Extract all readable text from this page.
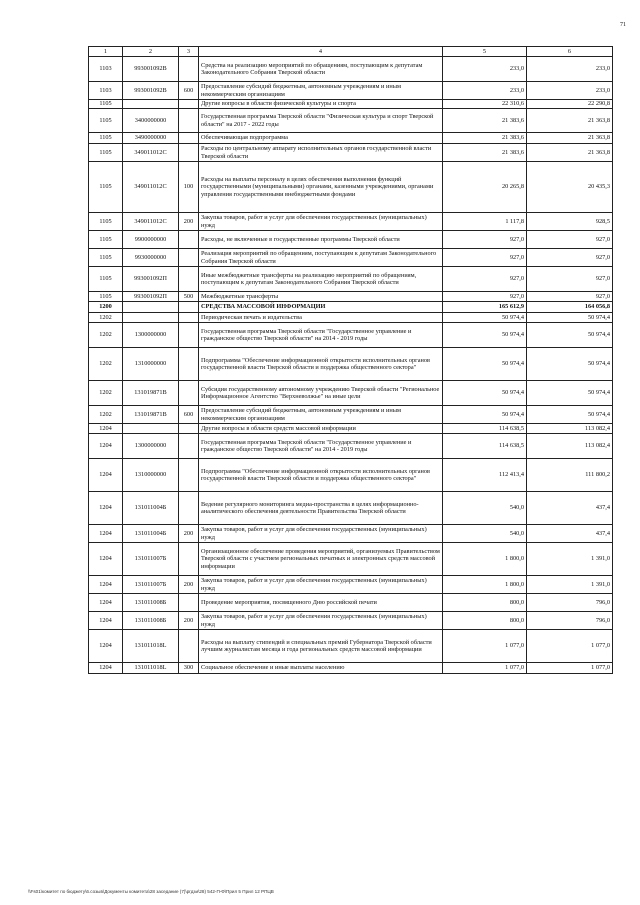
71
1	2	3	4	5	6
1103	993001092В		Средства на реализацию мероприятий по обращениям, поступающим к депутатам Законодательного Собрания Тверской области	233,0	233,0
1103	993001092В	600	Предоставление субсидий бюджетным, автономным учреждениям и иным некоммерческим организациям	233,0	233,0
1105			Другие вопросы в области физической культуры и спорта	22 310,6	22 290,8
1105	3400000000		Государственная программа Тверской области "Физическая культура и спорт Тверской области" на 2017 - 2022 годы	21 383,6	21 363,8
1105	3490000000		Обеспечивающая подпрограмма	21 383,6	21 363,8
1105	349011012С		Расходы по центральному аппарату исполнительных органов государственной власти Тверской области	21 383,6	21 363,8
1105	349011012С	100	Расходы на выплаты персоналу в целях обеспечения выполнения функций государственными (муниципальными) органами, казенными учреждениями, органами управления государственными внебюджетными фондами	20 265,8	20 435,3
1105	349011012С	200	Закупка товаров, работ и услуг для обеспечения государственных (муниципальных) нужд	1 117,8	928,5
1105	9900000000		Расходы, не включенные в государственные программы Тверской области	927,0	927,0
1105	9930000000		Реализация мероприятий по обращениям, поступающим к депутатам Законодательного Собрания Тверской области	927,0	927,0
1105	993001092П		Иные межбюджетные трансферты на реализацию мероприятий по обращениям, поступающим к депутатам Законодательного Собрания Тверской области	927,0	927,0
1105	993001092П	500	Межбюджетные трансферты	927,0	927,0
1200			СРЕДСТВА МАССОВОЙ ИНФОРМАЦИИ	165 612,9	164 056,8
1202			Периодическая печать и издательства	50 974,4	50 974,4
1202	1300000000		Государственная программа Тверской области "Государственное управление и гражданское общество Тверской области" на 2014 - 2019 годы	50 974,4	50 974,4
1202	1310000000		Подпрограмма "Обеспечение информационной открытости исполнительных органов государственной власти Тверской области и поддержка общественного сектора"	50 974,4	50 974,4
1202	131019871В		Субсидия государственному автономному учреждению Тверской области "Региональное Информационное Агентство "Верхневолжье" на иные цели	50 974,4	50 974,4
1202	131019871В	600	Предоставление субсидий бюджетным, автономным учреждениям и иным некоммерческим организациям	50 974,4	50 974,4
1204			Другие вопросы в области средств массовой информации	114 638,5	113 082,4
1204	1300000000		Государственная программа Тверской области "Государственное управление и гражданское общество Тверской области" на 2014 - 2019 годы	114 638,5	113 082,4
1204	1310000000		Подпрограмма "Обеспечение информационной открытости исполнительных органов государственной власти Тверской области и поддержка общественного сектора"	112 413,4	111 800,2
1204	131011004Б		Ведение регулярного мониторинга медиа-пространства в целях информационно-аналитического обеспечения деятельности Правительства Тверской области	540,0	437,4
1204	131011004Б	200	Закупка товаров, работ и услуг для обеспечения государственных (муниципальных) нужд	540,0	437,4
1204	131011007Б		Организационное обеспечение проведения мероприятий, организуемых Правительством Тверской области с участием региональных печатных и электронных средств массовой информации	1 800,0	1 391,0
1204	131011007Б	200	Закупка товаров, работ и услуг для обеспечения государственных (муниципальных) нужд	1 800,0	1 391,0
1204	131011008Б		Проведение мероприятия, посвященного Дню российской печати	800,0	796,0
1204	131011008Б	200	Закупка товаров, работ и услуг для обеспечения государственных (муниципальных) нужд	800,0	796,0
1204	131011018L		Расходы на выплату стипендий и специальных премий Губернатора Тверской области лучшим журналистам месяца и года региональных средств массовой информации	1 077,0	1 077,0
1204	131011018L	300	Социальное обеспечение и иные выплаты населению	1 077,0	1 077,0
\\Fs01\комитет по бюджету\6.созыв\Документы комитета\28 заседание (7)\ргдзи\28) 542-П-Ф\Прил 5 Прил 12 РПЦВ
